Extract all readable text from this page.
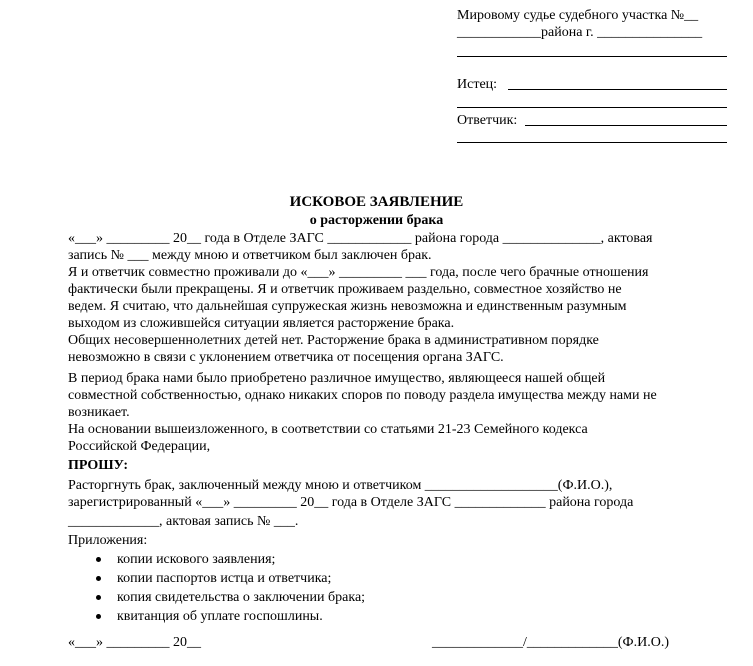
Мировому судье судебного участка №__
____________района г. _______________
Истец:
Ответчик:
ИСКОВОЕ ЗАЯВЛЕНИЕ
о расторжении брака
«___» _________ 20__ года в Отделе ЗАГС ____________ района города ______________, актовая
запись № ___ между мною и ответчиком был заключен брак.
Я и ответчик совместно проживали до «___» _________ ___ года, после чего брачные отношения
фактически были прекращены. Я и ответчик проживаем раздельно, совместное хозяйство не
ведем. Я считаю, что дальнейшая супружеская жизнь невозможна и единственным разумным
выходом из сложившейся ситуации является расторжение брака.
Общих несовершеннолетних детей нет. Расторжение брака в административном порядке
невозможно в связи с уклонением ответчика от посещения органа ЗАГС.
В период брака нами было приобретено различное имущество, являющееся нашей общей
совместной собственностью, однако никаких споров по поводу раздела имущества между нами не
возникает.
На основании вышеизложенного, в соответствии со статьями 21-23 Семейного кодекса
Российской Федерации,
ПРОШУ:
Расторгнуть брак, заключенный между мною и ответчиком ___________________(Ф.И.О.),
зарегистрированный «___» _________ 20__ года в Отделе ЗАГС _____________ района города
_____________, актовая запись № ___.
Приложения:
копии искового заявления;
копии паспортов истца и ответчика;
копия свидетельства о заключении брака;
квитанция об уплате госпошлины.
«___» _________ 20__	_____________/_____________(Ф.И.О.)
